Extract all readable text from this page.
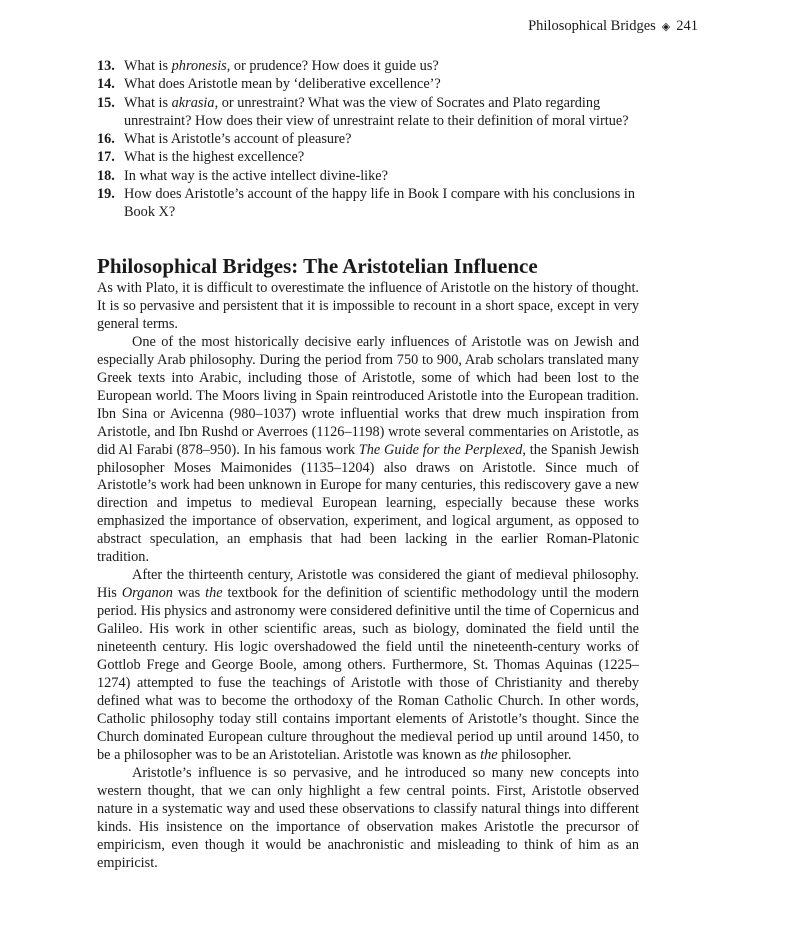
Philosophical Bridges ◈ 241
13. What is phronesis, or prudence? How does it guide us?
14. What does Aristotle mean by ‘deliberative excellence’?
15. What is akrasia, or unrestraint? What was the view of Socrates and Plato regarding unrestraint? How does their view of unrestraint relate to their definition of moral virtue?
16. What is Aristotle’s account of pleasure?
17. What is the highest excellence?
18. In what way is the active intellect divine-like?
19. How does Aristotle’s account of the happy life in Book I compare with his conclusions in Book X?
Philosophical Bridges: The Aristotelian Influence

As with Plato, it is difficult to overestimate the influence of Aristotle on the history of thought. It is so pervasive and persistent that it is impossible to recount in a short space, except in very general terms.

One of the most historically decisive early influences of Aristotle was on Jewish and especially Arab philosophy. During the period from 750 to 900, Arab scholars translated many Greek texts into Arabic, including those of Aristotle, some of which had been lost to the European world. The Moors living in Spain reintroduced Aristotle into the European tradition. Ibn Sina or Avicenna (980–1037) wrote influential works that drew much inspiration from Aristotle, and Ibn Rushd or Averroes (1126–1198) wrote several commentaries on Aristotle, as did Al Farabi (878–950). In his famous work The Guide for the Perplexed, the Spanish Jewish philosopher Moses Maimonides (1135–1204) also draws on Aristotle. Since much of Aristotle’s work had been unknown in Europe for many centuries, this rediscovery gave a new direction and impetus to medieval European learning, especially because these works emphasized the importance of observation, experiment, and logical argument, as opposed to abstract speculation, an emphasis that had been lacking in the earlier Roman-Platonic tradition.

After the thirteenth century, Aristotle was considered the giant of medieval philosophy. His Organon was the textbook for the definition of scientific methodology until the modern period. His physics and astronomy were considered definitive until the time of Copernicus and Galileo. His work in other scientific areas, such as biology, dominated the field until the nineteenth century. His logic overshadowed the field until the nineteenth-century works of Gottlob Frege and George Boole, among others. Furthermore, St. Thomas Aquinas (1225–1274) attempted to fuse the teachings of Aristotle with those of Christianity and thereby defined what was to become the orthodoxy of the Roman Catholic Church. In other words, Catholic philosophy today still contains important elements of Aristotle’s thought. Since the Church dominated European culture throughout the medieval period up until around 1450, to be a philosopher was to be an Aristotelian. Aristotle was known as the philosopher.

Aristotle’s influence is so pervasive, and he introduced so many new concepts into western thought, that we can only highlight a few central points. First, Aristotle observed nature in a systematic way and used these observations to classify natural things into different kinds. His insistence on the importance of observation makes Aristotle the precursor of empiricism, even though it would be anachronistic and misleading to think of him as an empiricist.
